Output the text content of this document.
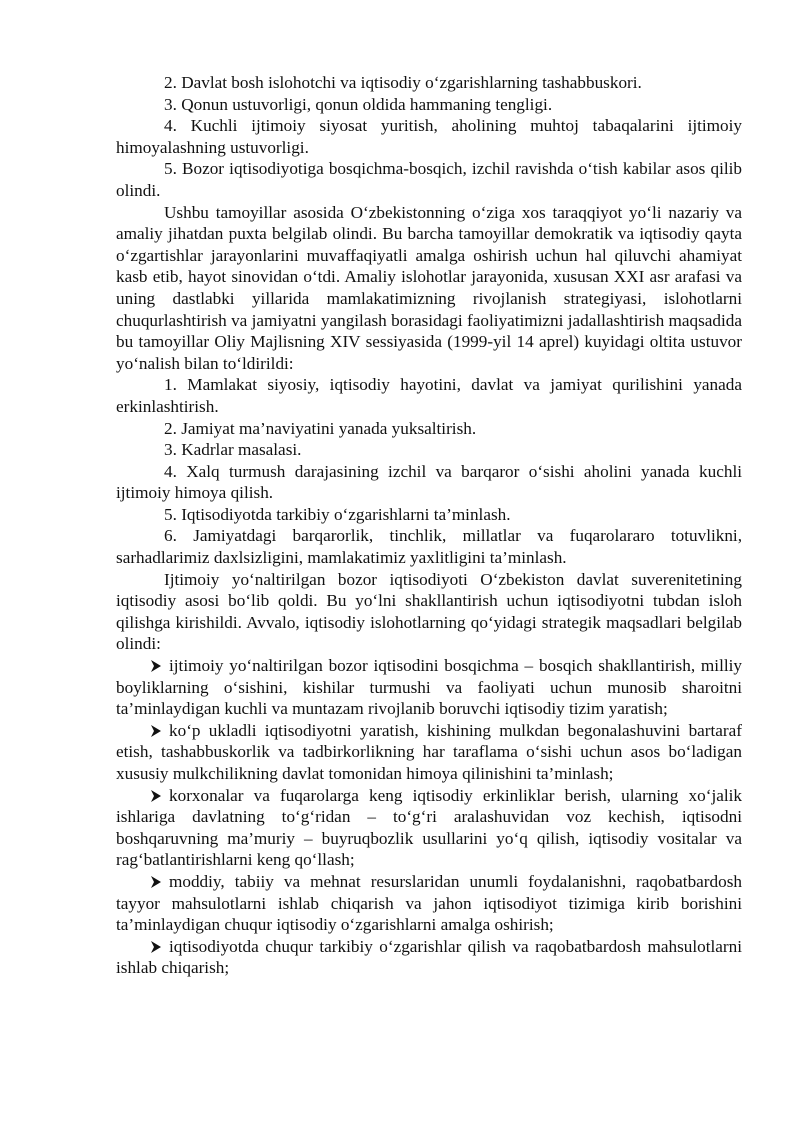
2. Davlat bosh islohotchi va iqtisodiy o‘zgarishlarning tashabbuskori.

3. Qonun ustuvorligi, qonun oldida hammaning tengligi.

4. Kuchli ijtimoiy siyosat yuritish, aholining muhtoj tabaqalarini ijtimoiy himoyalashning ustuvorligi.

5. Bozor iqtisodiyotiga bosqichma-bosqich, izchil ravishda o‘tish kabilar asos qilib olindi.

Ushbu tamoyillar asosida O‘zbekistonning o‘ziga xos taraqqiyot yo‘li nazariy va amaliy jihatdan puxta belgilab olindi. Bu barcha tamoyillar demokratik va iqtisodiy qayta o‘zgartishlar jarayonlarini muvaffaqiyatli amalga oshirish uchun hal qiluvchi ahamiyat kasb etib, hayot sinovidan o‘tdi. Amaliy islohotlar jarayonida, xususan XXI asr arafasi va uning dastlabki yillarida mamlakatimizning rivojlanish strategiyasi, islohotlarni chuqurlashtirish va jamiyatni yangilash borasidagi faoliyatimizni jadallashtirish maqsadida bu tamoyillar Oliy Majlisning XIV sessiyasida (1999-yil 14 aprel) kuyidagi oltita ustuvor yo‘nalish bilan to‘ldirildi:

1. Mamlakat siyosiy, iqtisodiy hayotini, davlat va jamiyat qurilishini yanada erkinlashtirish.

2. Jamiyat ma’naviyatini yanada yuksaltirish.

3. Kadrlar masalasi.

4. Xalq turmush darajasining izchil va barqaror o‘sishi aholini yanada kuchli ijtimoiy himoya qilish.

5. Iqtisodiyotda tarkibiy o‘zgarishlarni ta’minlash.

6. Jamiyatdagi barqarorlik, tinchlik, millatlar va fuqarolararo totuvlikni, sarhadlarimiz daxlsizligini, mamlakatimiz yaxlitligini ta’minlash.

Ijtimoiy yo‘naltirilgan bozor iqtisodiyoti O‘zbekiston davlat suverenitetining iqtisodiy asosi bo‘lib qoldi. Bu yo‘lni shakllantirish uchun iqtisodiyotni tubdan isloh qilishga kirishildi. Avvalo, iqtisodiy islohotlarning qo‘yidagi strategik maqsadlari belgilab olindi:

ijtimoiy yo‘naltirilgan bozor iqtisodini bosqichma – bosqich shakllantirish, milliy boyliklarning o‘sishini, kishilar turmushi va faoliyati uchun munosib sharoitni ta’minlaydigan kuchli va muntazam rivojlanib boruvchi iqtisodiy tizim yaratish;

ko‘p ukladli iqtisodiyotni yaratish, kishining mulkdan begonalashuvini bartaraf etish, tashabbuskorlik va tadbirkorlikning har taraflama o‘sishi uchun asos bo‘ladigan xususiy mulkchilikning davlat tomonidan himoya qilinishini ta’minlash;

korxonalar va fuqarolarga keng iqtisodiy erkinliklar berish, ularning xo‘jalik ishlariga davlatning to‘g‘ridan – to‘g‘ri aralashuvidan voz kechish, iqtisodni boshqaruvning ma’muriy – buyruqbozlik usullarini yo‘q qilish, iqtisodiy vositalar va rag‘batlantirishlarni keng qo‘llash;

moddiy, tabiiy va mehnat resurslaridan unumli foydalanishni, raqobatbardosh tayyor mahsulotlarni ishlab chiqarish va jahon iqtisodiyot tizimiga kirib borishini ta’minlaydigan chuqur iqtisodiy o‘zgarishlarni amalga oshirish;

iqtisodiyotda chuqur tarkibiy o‘zgarishlar qilish va raqobatbardosh mahsulotlarni ishlab chiqarish;
